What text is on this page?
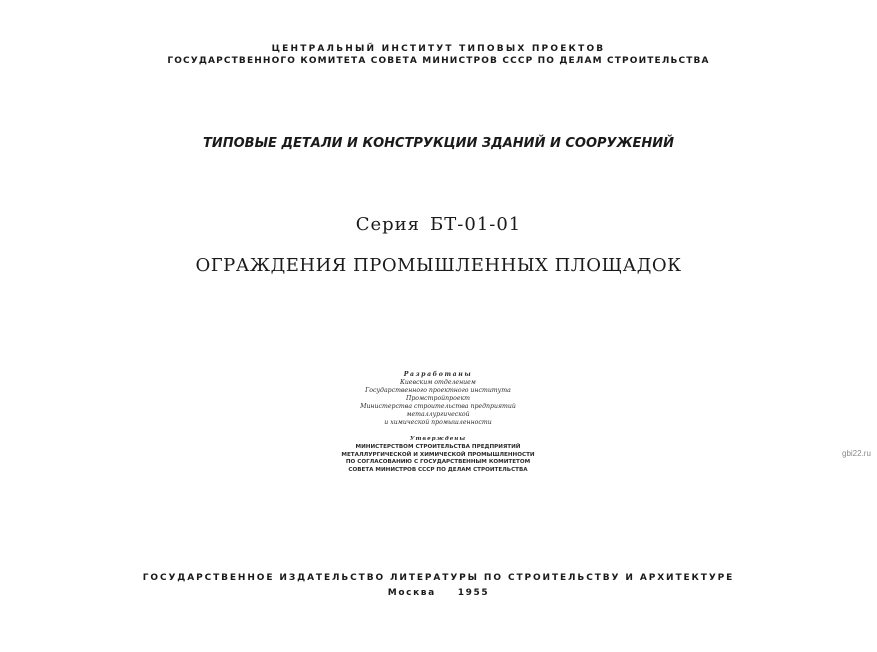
ЦЕНТРАЛЬНЫЙ ИНСТИТУТ ТИПОВЫХ ПРОЕКТОВ
ГОСУДАРСТВЕННОГО КОМИТЕТА СОВЕТА МИНИСТРОВ СССР ПО ДЕЛАМ СТРОИТЕЛЬСТВА
ТИПОВЫЕ ДЕТАЛИ И КОНСТРУКЦИИ ЗДАНИЙ И СООРУЖЕНИЙ
Серия БТ-01-01
ОГРАЖДЕНИЯ ПРОМЫШЛЕННЫХ ПЛОЩАДОК
Разработаны
Киевским отделением
Государственного проектного института Промстройпроект
Министерства строительства предприятий металлургической
и химической промышленности
Утверждены
МИНИСТЕРСТВОМ СТРОИТЕЛЬСТВА ПРЕДПРИЯТИЙ
МЕТАЛЛУРГИЧЕСКОЙ И ХИМИЧЕСКОЙ ПРОМЫШЛЕННОСТИ
ПО СОГЛАСОВАНИЮ С ГОСУДАРСТВЕННЫМ КОМИТЕТОМ
СОВЕТА МИНИСТРОВ СССР ПО ДЕЛАМ СТРОИТЕЛЬСТВА
ГОСУДАРСТВЕННОЕ ИЗДАТЕЛЬСТВО ЛИТЕРАТУРЫ ПО СТРОИТЕЛЬСТВУ И АРХИТЕКТУРЕ
Москва 1955
gbi22.ru
